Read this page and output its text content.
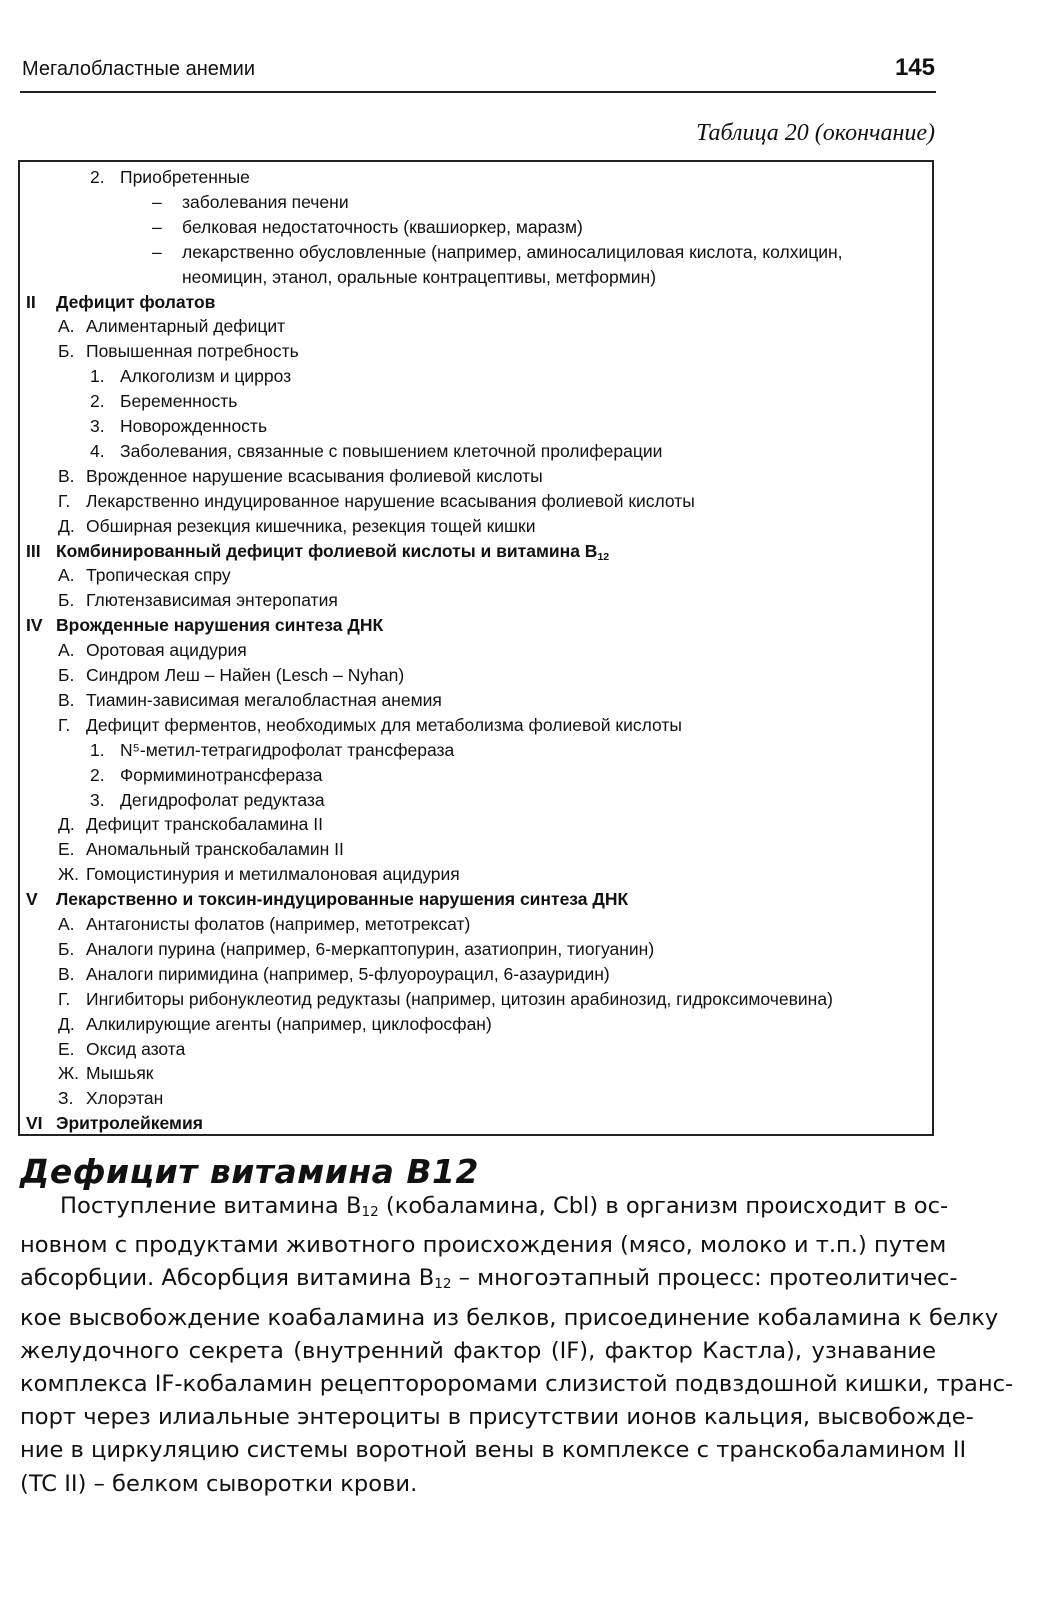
Мегалобластные анемии	145
Таблица 20 (окончание)
2. Приобретенные
– заболевания печени
– белковая недостаточность (квашиоркер, маразм)
– лекарственно обусловленные (например, аминосалициловая кислота, колхицин,
неомицин, этанол, оральные контрацептивы, метформин)
II Дефицит фолатов
А. Алиментарный дефицит
Б. Повышенная потребность
1. Алкоголизм и цирроз
2. Беременность
3. Новорожденность
4. Заболевания, связанные с повышением клеточной пролиферации
В. Врожденное нарушение всасывания фолиевой кислоты
Г. Лекарственно индуцированное нарушение всасывания фолиевой кислоты
Д. Обширная резекция кишечника, резекция тощей кишки
III Комбинированный дефицит фолиевой кислоты и витамина $B_{12}$
А. Тропическая спру
Б. Глютензависимая энтеропатия
IV Врожденные нарушения синтеза ДНК
А. Оротовая ацидурия
Б. Синдром Леш – Найен (Lesch – Nyhan)
В. Тиамин-зависимая мегалобластная анемия
Г. Дефицит ферментов, необходимых для метаболизма фолиевой кислоты
1. N⁵-метил-тетрагидрофолат трансфераза
2. Формиминотрансфераза
3. Дегидрофолат редуктаза
Д. Дефицит транскобаламина II
Е. Аномальный транскобаламин II
Ж. Гомоцистинурия и метилмалоновая ацидурия
V Лекарственно и токсин-индуцированные нарушения синтеза ДНК
А. Антагонисты фолатов (например, метотрексат)
Б. Аналоги пурина (например, 6-меркаптопурин, азатиоприн, тиогуанин)
В. Аналоги пиримидина (например, 5-флуороурацил, 6-азауридин)
Г. Ингибиторы рибонуклеотид редуктазы (например, цитозин арабинозид, гидроксимочевина)
Д. Алкилирующие агенты (например, циклофосфан)
Е. Оксид азота
Ж. Мышьяк
З. Хлорэтан
VI Эритролейкемия
Дефицит витамина B12
Поступление витамина $B_{12}$ (кобаламина, Cbl) в организм происходит в ос-
новном с продуктами животного происхождения (мясо, молоко и т.п.) путем
абсорбции. Абсорбция витамина $B_{12}$ – многоэтапный процесс: протеолитичес-
кое высвобождение коабаламина из белков, присоединение кобаламина к белку
желудочного секрета (внутренний фактор (IF), фактор Кастла), узнавание
комплекса IF-кобаламин рецептороромами слизистой подвздошной кишки, транс-
порт через илиальные энтероциты в присутствии ионов кальция, высвобожде-
ние в циркуляцию системы воротной вены в комплексе с транскобаламином II
(TC II) – белком сыворотки крови.
